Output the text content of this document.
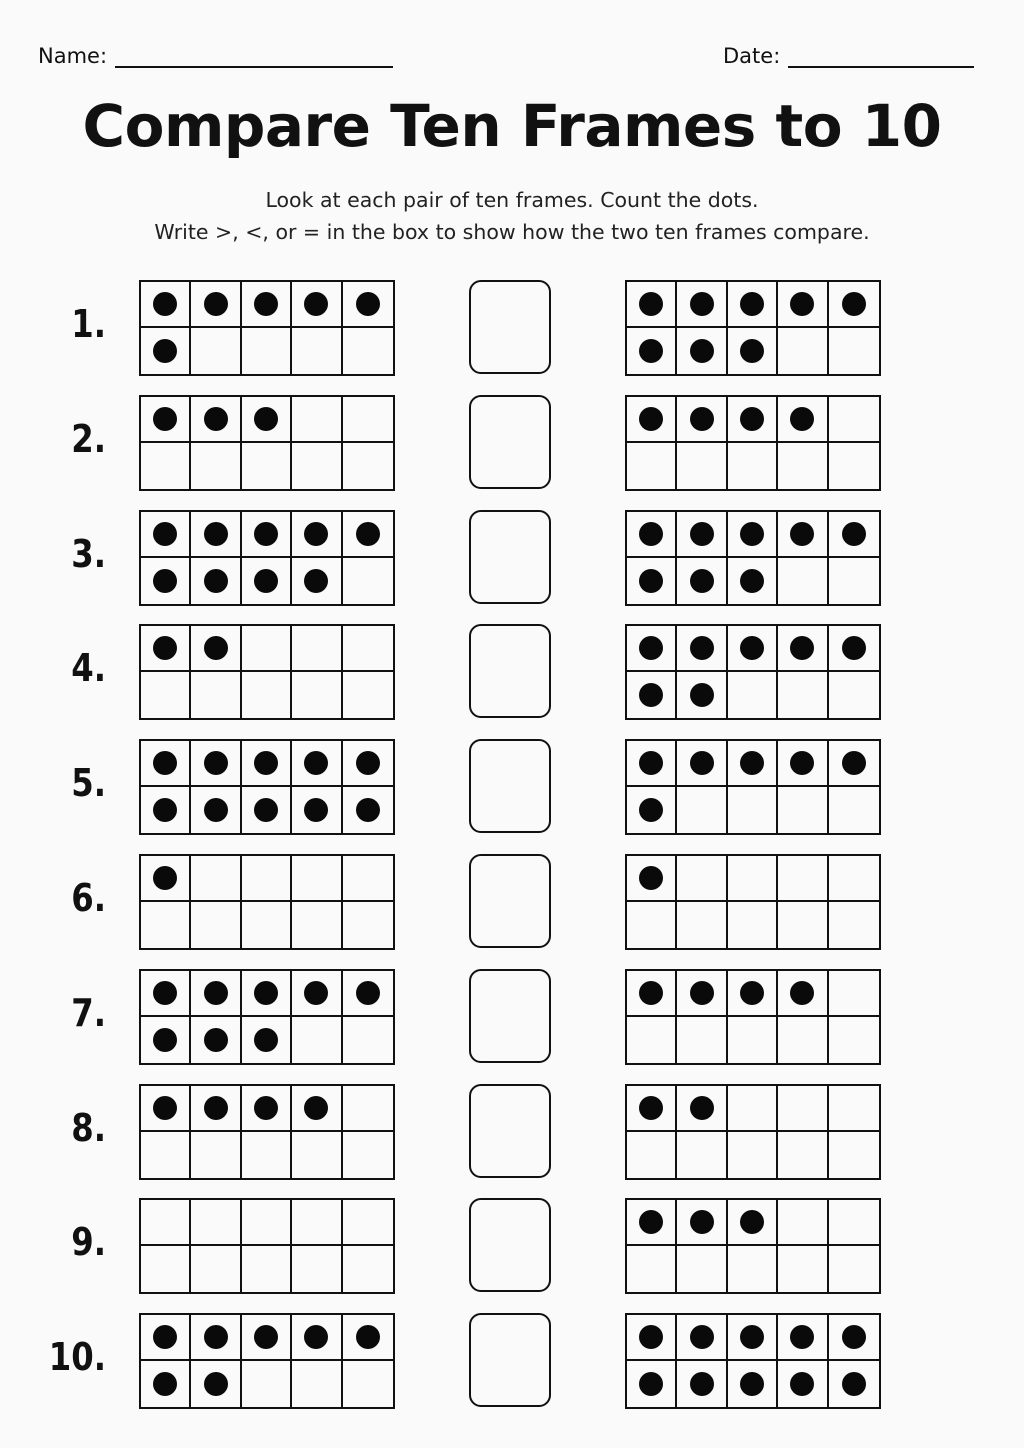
Name:	Date:
Compare Ten Frames to 10

Look at each pair of ten frames. Count the dots.

Write >, <, or = in the box to show how the two ten frames compare.

1.
2.
3.
4.
5.
6.
7.
8.
9.
10.
